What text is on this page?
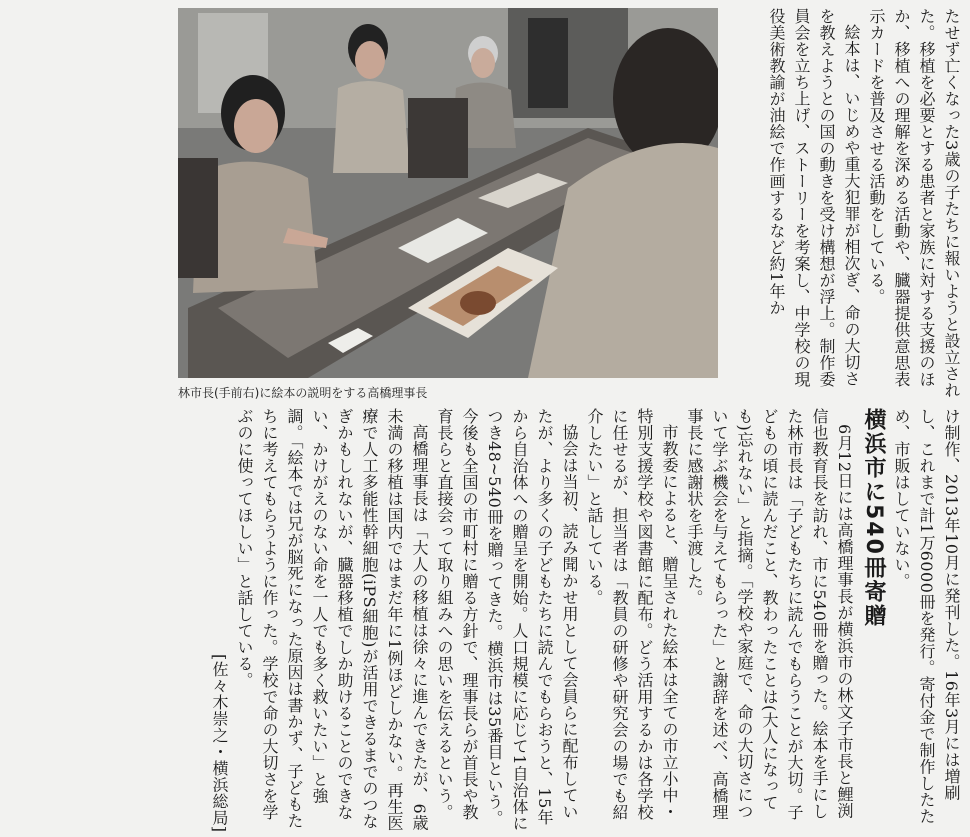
林市長(手前右)に絵本の説明をする高橋理事長	たせず亡くなった3歳の子たちに報いようと設立された。移植を必要とする患者と家族に対する支援のほか、移植への理解を深める活動や、臓器提供意思表示カードを普及させる活動をしている。

絵本は、いじめや重大犯罪が相次ぎ、命の大切さを教えようとの国の動きを受け構想が浮上。制作委員会を立ち上げ、ストーリーを考案し、中学校の現役美術教諭が油絵で作画するなど約1年か

け制作、2013年10月に発刊した。16年3月には増刷し、これまで計1万6000冊を発行。寄付金で制作したため、市販はしていない。

横浜市に540冊寄贈

6月12日には高橋理事長が横浜市の林文子市長と鯉渕信也教育長を訪れ、市に540冊を贈った。絵本を手にした林市長は「子どもたちに読んでもらうことが大切。子どもの頃に読んだこと、教わったことは(大人になっても)忘れない」と指摘。「学校や家庭で、命の大切さについて学ぶ機会を与えてもらった」と謝辞を述べ、高橋理事長に感謝状を手渡した。

市教委によると、贈呈された絵本は全ての市立小中・特別支援学校や図書館に配布。どう活用するかは各学校に任せるが、担当者は「教員の研修や研究会の場でも紹介したい」と話している。

協会は当初、読み聞かせ用として会員らに配布していたが、より多くの子どもたちに読んでもらおうと、15年から自治体への贈呈を開始。人口規模に応じて1自治体につき48~540冊を贈ってきた。横浜市は35番目という。今後も全国の市町村に贈る方針で、理事長らが首長や教育長らと直接会って取り組みへの思いを伝えるという。

高橋理事長は「大人の移植は徐々に進んできたが、6歳未満の移植は国内ではまだ年に1例ほどしかない。再生医療で人工多能性幹細胞(iPS細胞)が活用できるまでのつなぎかもしれないが、臓器移植でしか助けることのできない、かけがえのない命を一人でも多く救いたい」と強調。「絵本では兄が脳死になった原因は書かず、子どもたちに考えてもらうように作った。学校で命の大切さを学ぶのに使ってほしい」と話している。

[佐々木崇之・横浜総局]
